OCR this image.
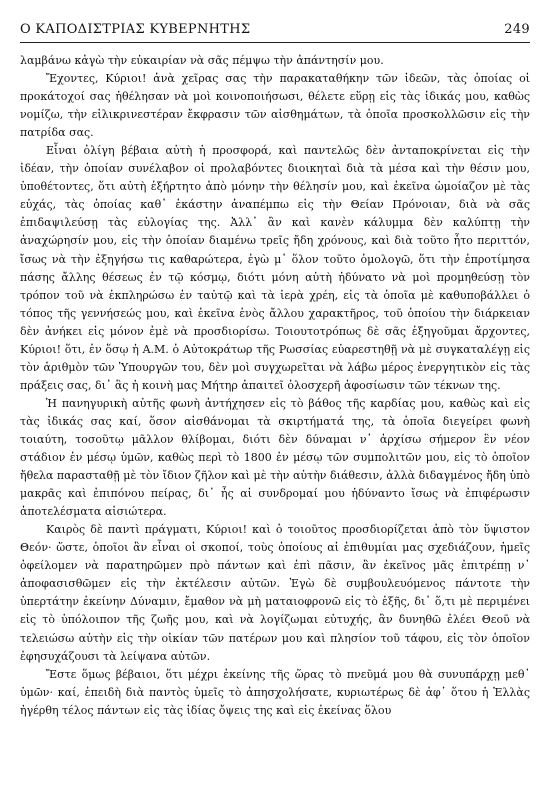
Ο ΚΑΠΟΔΙΣΤΡΙΑΣ ΚΥΒΕΡΝΗΤΗΣ	249

λαμβάνω κἀγὼ τὴν εὐκαιρίαν νὰ σᾶς πέμψω τὴν ἀπάντησίν μου.

Ἔχοντες, Κύριοι! ἀνὰ χεῖρας σας τὴν παρακαταθήκην τῶν ἰδεῶν, τὰς ὁποίας οἱ προκάτοχοί σας ἠθέλησαν νὰ μοὶ κοινοποιήσωσι, θέλετε εὕρῃ εἰς τὰς ἰδικάς μου, καθὼς νομίζω, τὴν εἰλικρινεστέραν ἔκφρασιν τῶν αἰσθημάτων, τὰ ὁποῖα προσκολλῶσιν εἰς τὴν πατρίδα σας.

Εἶναι ὀλίγη βέβαια αὐτὴ ἡ προσφορά, καὶ παντελῶς δὲν ἀνταποκρίνεται εἰς τὴν ἰδέαν, τὴν ὁποίαν συνέλαβον οἱ προλαβόντες διοικηταὶ διὰ τὰ μέσα καὶ τὴν θέσιν μου, ὑποθέτοντες, ὅτι αὐτὴ ἐξήρτητο ἀπὸ μόνην τὴν θέλησίν μου, καὶ ἐκεῖνα ὡμοίαζον μὲ τὰς εὐχάς, τὰς ὁποίας καθ᾽ ἑκάστην ἀναπέμπω εἰς τὴν Θείαν Πρόνοιαν, διὰ νὰ σᾶς ἐπιδαψιλεύσῃ τὰς εὐλογίας της. Ἀλλ᾽ ἂν καὶ κανὲν κάλυμμα δὲν καλύπτῃ τὴν ἀναχώρησίν μου, εἰς τὴν ὁποίαν διαμένω τρεῖς ἤδη χρόνους, καὶ διὰ τοῦτο ἦτο περιττόν, ἴσως νὰ τὴν ἐξηγήσω τις καθαρώτερα, ἐγὼ μ᾽ ὅλον τοῦτο ὁμολογῶ, ὅτι τὴν ἐπροτίμησα πάσης ἄλλης θέσεως ἐν τῷ κόσμῳ, διότι μόνη αὐτὴ ἠδύνατο νὰ μοὶ προμηθεύσῃ τὸν τρόπον τοῦ νὰ ἐκπληρώσω ἐν ταὐτῷ καὶ τὰ ἱερὰ χρέη, εἰς τὰ ὁποῖα μὲ καθυποβάλλει ὁ τόπος τῆς γεννήσεώς μου, καὶ ἐκεῖνα ἑνὸς ἄλλου χαρακτῆρος, τοῦ ὁποίου τὴν διάρκειαν δὲν ἀνήκει εἰς μόνον ἐμὲ νὰ προσδιορίσω. Τοιουτοτρόπως δὲ σᾶς ἐξηγοῦμαι ἄρχοντες, Κύριοι! ὅτι, ἐν ὅσῳ ἡ Α.Μ. ὁ Αὐτοκράτωρ τῆς Ρωσσίας εὐαρεστηθῇ νὰ μὲ συγκαταλέγῃ εἰς τὸν ἀριθμὸν τῶν Ὑπουργῶν του, δὲν μοὶ συγχωρεῖται νὰ λάβω μέρος ἐνεργητικὸν εἰς τὰς πράξεις σας, δι᾽ ἃς ἡ κοινὴ μας Μήτηρ ἀπαιτεῖ ὁλοσχερῆ ἀφοσίωσιν τῶν τέκνων της.

Ἡ πανηγυρικὴ αὐτῆς φωνὴ ἀντήχησεν εἰς τὸ βάθος τῆς καρδίας μου, καθὼς καὶ εἰς τὰς ἰδικάς σας καί, ὅσον αἰσθάνομαι τὰ σκιρτήματά της, τὰ ὁποῖα διεγείρει φωνὴ τοιαύτη, τοσοῦτῳ μᾶλλον θλίβομαι, διότι δὲν δύναμαι ν᾽ ἀρχίσω σήμερον ἓν νέον στάδιον ἐν μέσῳ ὑμῶν, καθὼς περὶ τὸ 1800 ἐν μέσῳ τῶν συμπολιτῶν μου, εἰς τὸ ὁποῖον ἤθελα παρασταθῇ μὲ τὸν ἴδιον ζῆλον καὶ μὲ τὴν αὐτὴν διάθεσιν, ἀλλὰ διδαγμένος ἤδη ὑπὸ μακρᾶς καὶ ἐπιπόνου πείρας, δι᾽ ἧς αἱ συνδρομαί μου ἠδύναντο ἴσως νὰ ἐπιφέρωσιν ἀποτελέσματα αἰσιώτερα.

Καιρὸς δὲ παντὶ πράγματι, Κύριοι! καὶ ὁ τοιοῦτος προσδιορίζεται ἀπὸ τὸν ὕψιστον Θεόν· ὥστε, ὁποῖοι ἂν εἶναι οἱ σκοποί, τοὺς ὁποίους αἱ ἐπιθυμίαι μας σχεδιάζουν, ἡμεῖς ὀφείλομεν νὰ παρατηρῶμεν πρὸ πάντων καὶ ἐπὶ πᾶσιν, ἂν ἐκεῖνος μᾶς ἐπιτρέπῃ ν᾽ ἀποφασισθῶμεν εἰς τὴν ἐκτέλεσιν αὐτῶν. Ἐγὼ δὲ συμβουλευόμενος πάντοτε τὴν ὑπερτάτην ἐκείνην Δύναμιν, ἔμαθον νὰ μὴ ματαιοφρονῶ εἰς τὸ ἑξῆς, δι᾽ ὅ,τι μὲ περιμένει εἰς τὸ ὑπόλοιπον τῆς ζωῆς μου, καὶ νὰ λογίζωμαι εὐτυχής, ἂν δυνηθῶ ἐλέει Θεοῦ νὰ τελειώσω αὐτὴν εἰς τὴν οἰκίαν τῶν πατέρων μου καὶ πλησίον τοῦ τάφου, εἰς τὸν ὁποῖον ἐφησυχάζουσι τὰ λείψανα αὐτῶν.

Ἔστε ὅμως βέβαιοι, ὅτι μέχρι ἐκείνης τῆς ὥρας τὸ πνεῦμά μου θὰ συνυπάρχῃ μεθ᾽ ὑμῶν· καί, ἐπειδὴ διὰ παντὸς ὑμεῖς τὸ ἀπησχολήσατε, κυριωτέρως δὲ ἀφ᾽ ὅτου ἡ Ἑλλὰς ἠγέρθη τέλος πάντων εἰς τὰς ἰδίας ὄψεις της καὶ εἰς ἐκείνας ὅλου
